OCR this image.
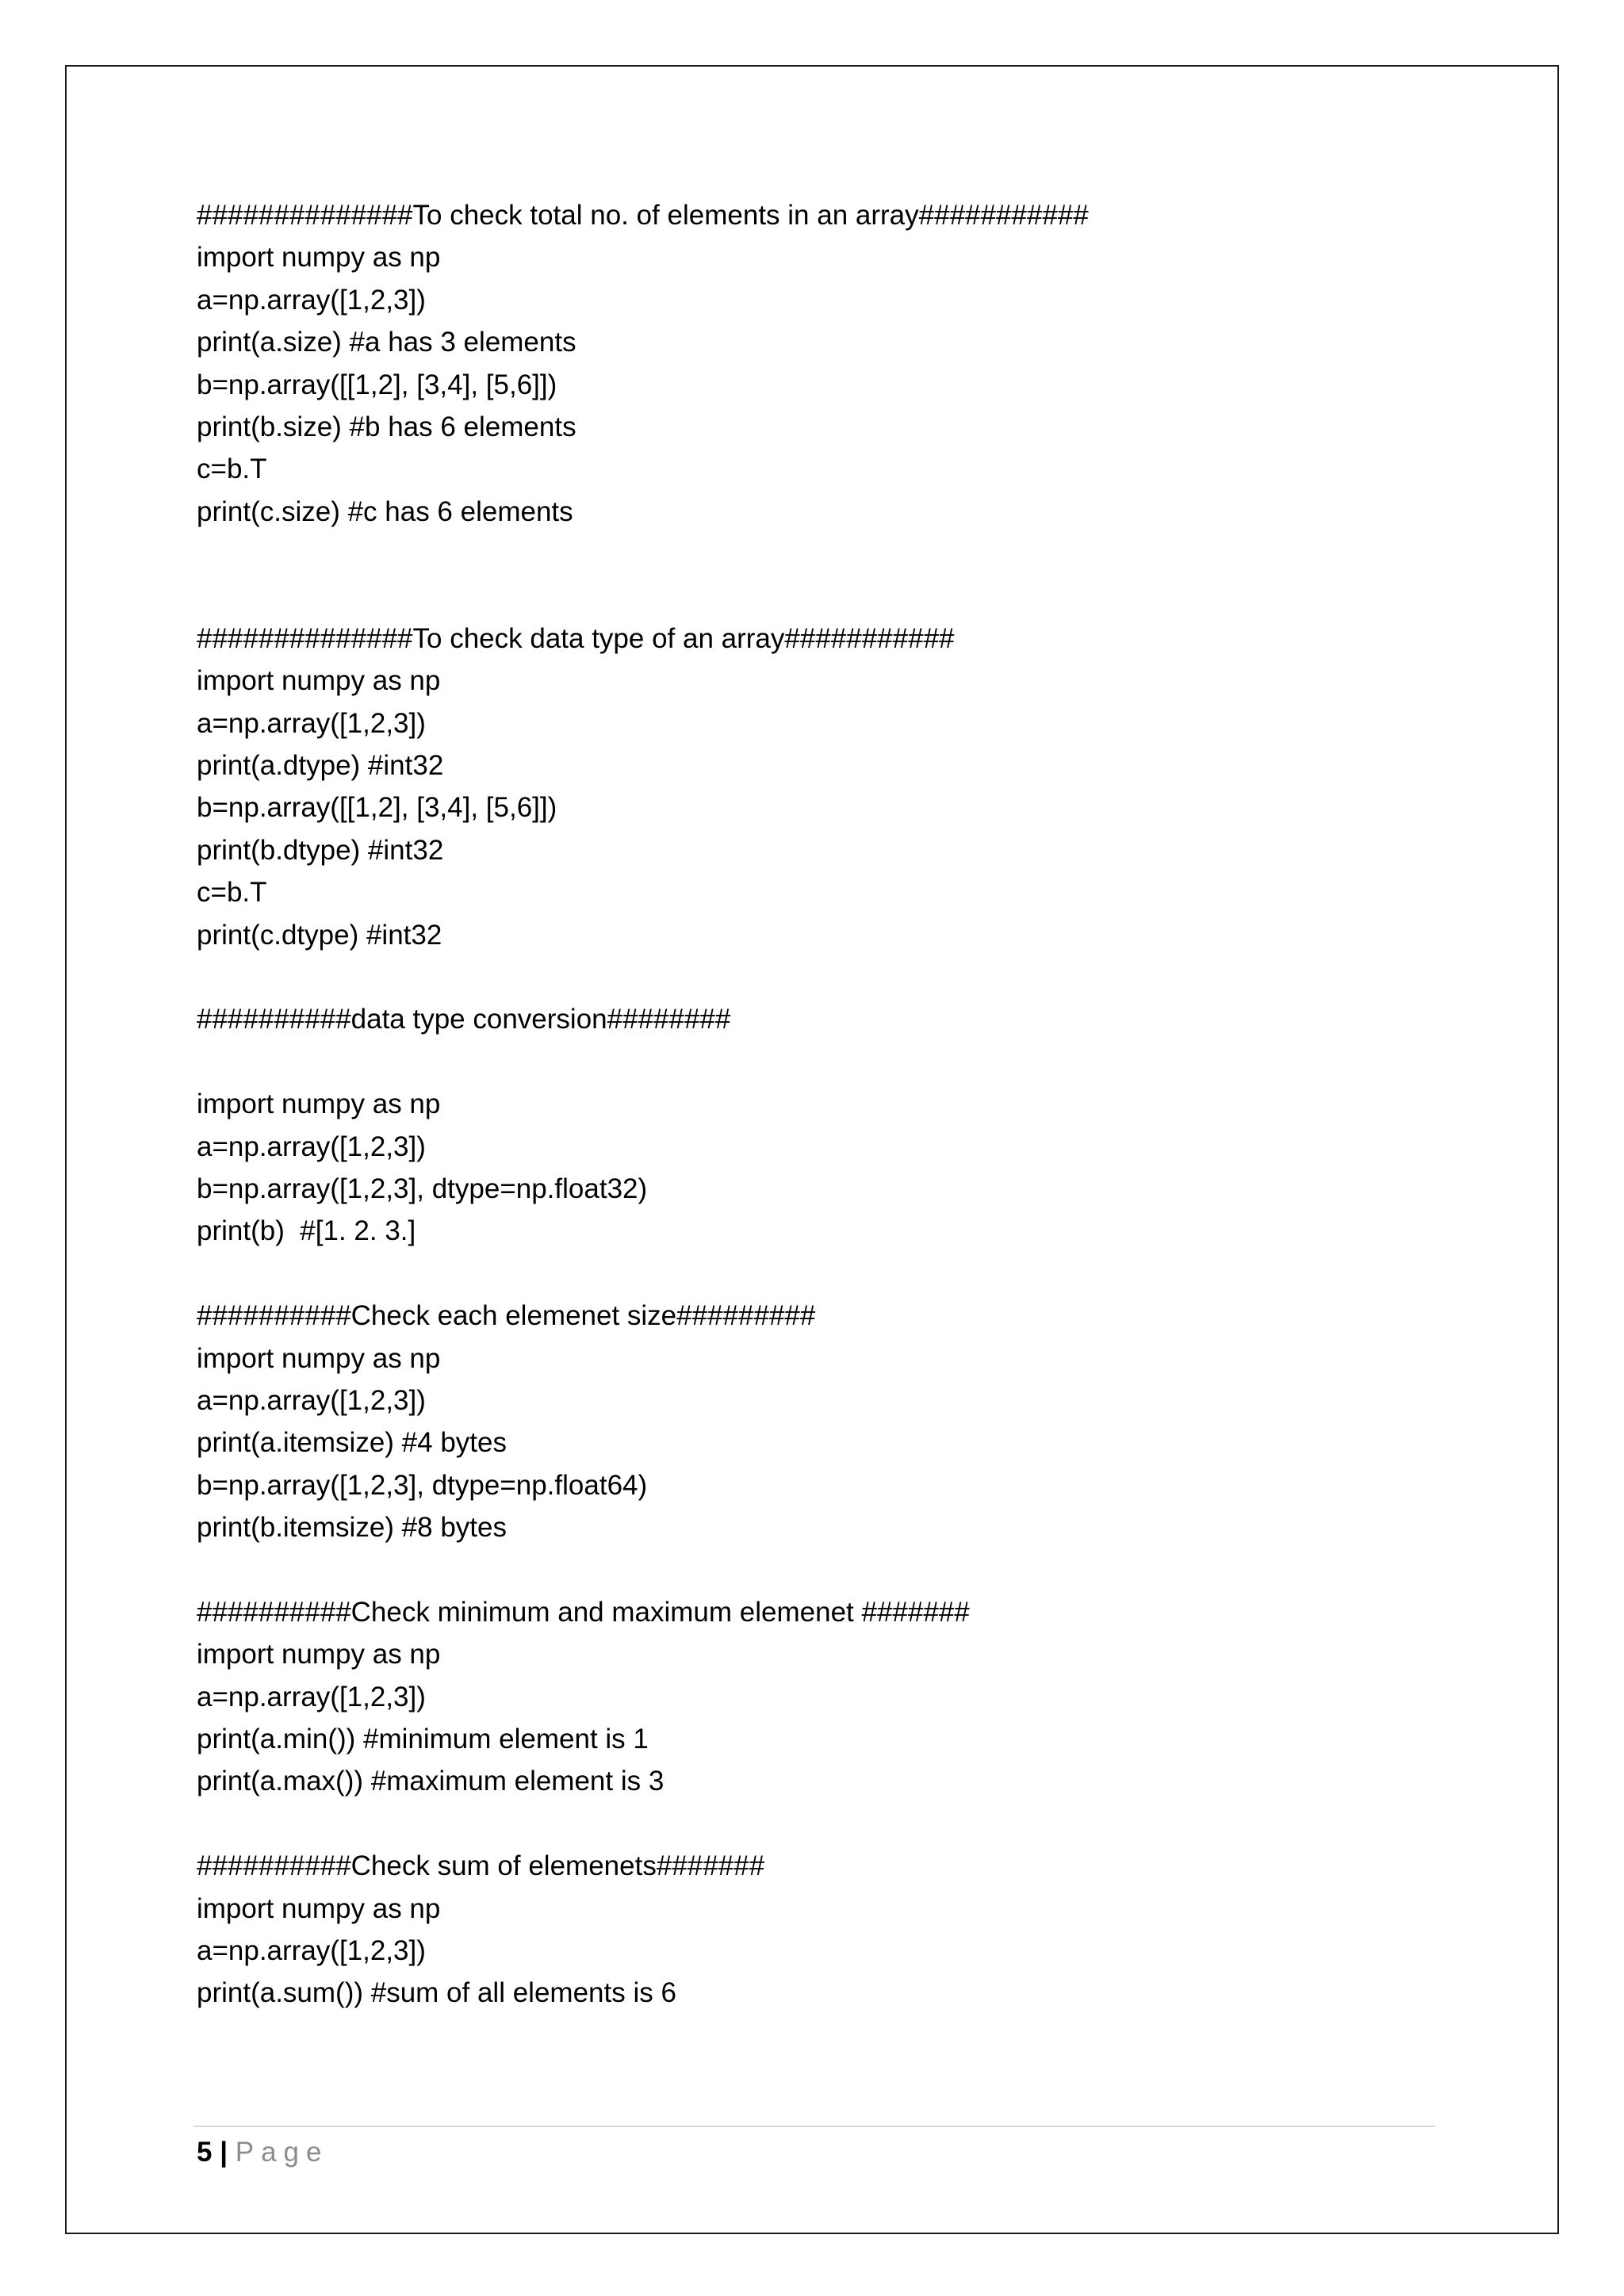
##############To check total no. of elements in an array###########
import numpy as np
a=np.array([1,2,3])
print(a.size) #a has 3 elements
b=np.array([[1,2], [3,4], [5,6]])
print(b.size) #b has 6 elements
c=b.T
print(c.size) #c has 6 elements
##############To check data type of an array###########
import numpy as np
a=np.array([1,2,3])
print(a.dtype) #int32
b=np.array([[1,2], [3,4], [5,6]])
print(b.dtype) #int32
c=b.T
print(c.dtype) #int32
##########data type conversion########
import numpy as np
a=np.array([1,2,3])
b=np.array([1,2,3], dtype=np.float32)
print(b)  #[1. 2. 3.]
##########Check each elemenet size#########
import numpy as np
a=np.array([1,2,3])
print(a.itemsize) #4 bytes
b=np.array([1,2,3], dtype=np.float64)
print(b.itemsize) #8 bytes
##########Check minimum and maximum elemenet #######
import numpy as np
a=np.array([1,2,3])
print(a.min()) #minimum element is 1
print(a.max()) #maximum element is 3
##########Check sum of elemenets#######
import numpy as np
a=np.array([1,2,3])
print(a.sum()) #sum of all elements is 6
5 | Page
